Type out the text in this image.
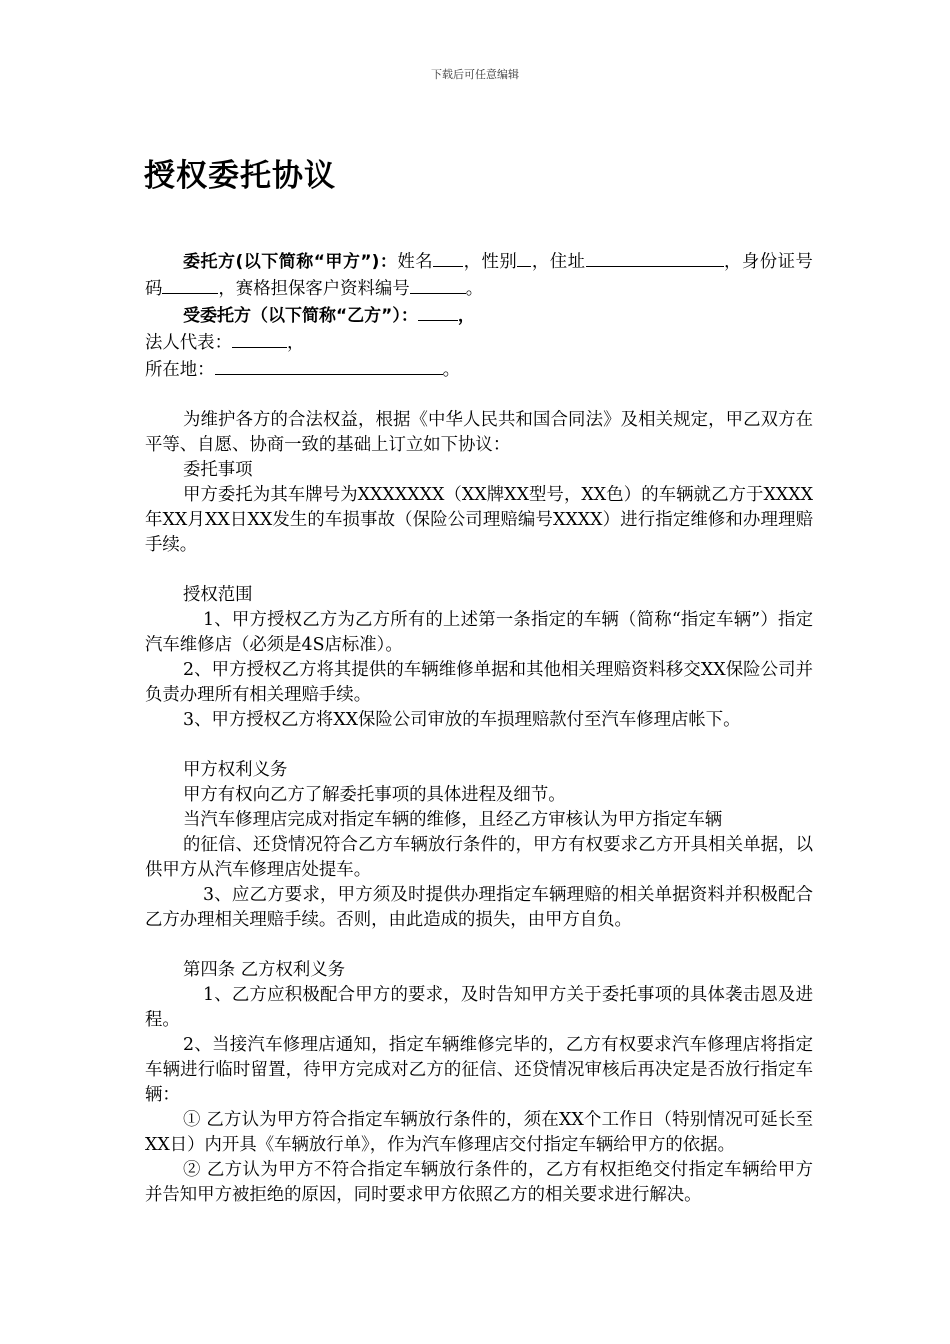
下载后可任意编辑
授权委托协议

委托方(以下简称“甲方”)：姓名 ，性别 ，住址	，身份证号码	，赛格担保客户资料编号	。

受委托方（以下简称“乙方”）： ，

法人代表：	，

所在地：	。

为维护各方的合法权益，根据《中华人民共和国合同法》及相关规定，甲乙双方在平等、自愿、协商一致的基础上订立如下协议：

委托事项

甲方委托为其车牌号为XXXXXXX（XX牌XX型号，XX色）的车辆就乙方于XXXX年XX月XX日XX发生的车损事故（保险公司理赔编号XXXX）进行指定维修和办理理赔手续。

授权范围

1、甲方授权乙方为乙方所有的上述第一条指定的车辆（简称“指定车辆”）指定汽车维修店（必须是4S店标准）。

2、甲方授权乙方将其提供的车辆维修单据和其他相关理赔资料移交XX保险公司并负责办理所有相关理赔手续。

3、甲方授权乙方将XX保险公司审放的车损理赔款付至汽车修理店帐下。

甲方权利义务

甲方有权向乙方了解委托事项的具体进程及细节。

当汽车修理店完成对指定车辆的维修，且经乙方审核认为甲方指定车辆

的征信、还贷情况符合乙方车辆放行条件的，甲方有权要求乙方开具相关单据，以供甲方从汽车修理店处提车。

3、应乙方要求，甲方须及时提供办理指定车辆理赔的相关单据资料并积极配合乙方办理相关理赔手续。否则，由此造成的损失，由甲方自负。

第四条 乙方权利义务

1、乙方应积极配合甲方的要求，及时告知甲方关于委托事项的具体袭击恩及进程。

2、当接汽车修理店通知，指定车辆维修完毕的，乙方有权要求汽车修理店将指定车辆进行临时留置，待甲方完成对乙方的征信、还贷情况审核后再决定是否放行指定车辆：

① 乙方认为甲方符合指定车辆放行条件的，须在XX个工作日（特别情况可延长至XX日）内开具《车辆放行单》，作为汽车修理店交付指定车辆给甲方的依据。

② 乙方认为甲方不符合指定车辆放行条件的，乙方有权拒绝交付指定车辆给甲方并告知甲方被拒绝的原因，同时要求甲方依照乙方的相关要求进行解决。
